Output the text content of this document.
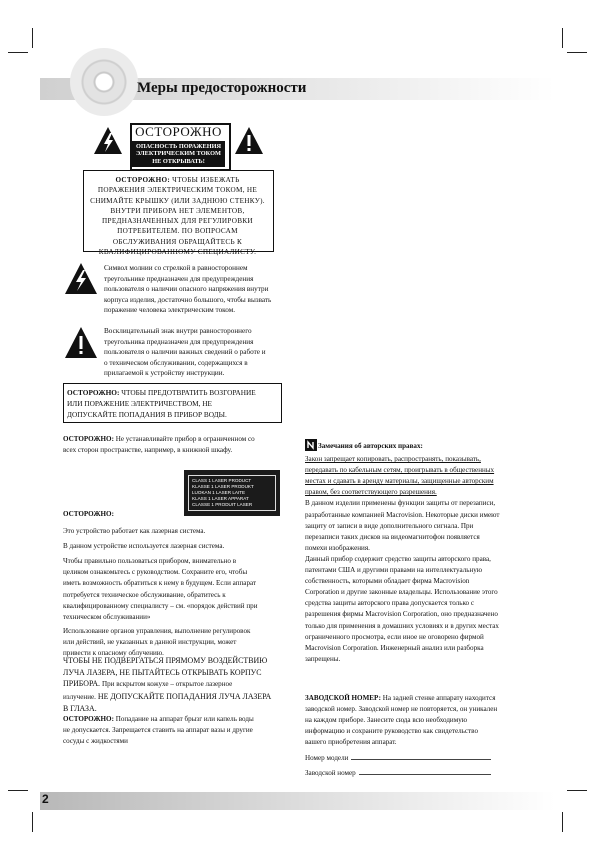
Меры предосторожности
ОСТОРОЖНО
ОПАСНОСТЬ ПОРАЖЕНИЯ
ЭЛЕКТРИЧЕСКИМ ТОКОМ
НЕ ОТКРЫВАТЬ!
ОСТОРОЖНО: ЧТОБЫ ИЗБЕЖАТЬ
ПОРАЖЕНИЯ ЭЛЕКТРИЧЕСКИМ ТОКОМ, НЕ
СНИМАЙТЕ КРЫШКУ (ИЛИ ЗАДНЮЮ СТЕНКУ).
ВНУТРИ ПРИБОРА НЕТ ЭЛЕМЕНТОВ,
ПРЕДНАЗНАЧЕННЫХ ДЛЯ РЕГУЛИРОВКИ
ПОТРЕБИТЕЛЕМ. ПО ВОПРОСАМ
ОБСЛУЖИВАНИЯ ОБРАЩАЙТЕСЬ К
КВАЛИФИЦИРОВАННОМУ СПЕЦИАЛИСТУ.
Символ молнии со стрелкой в равностороннем
треугольнике предназначен для предупреждения
пользователя о наличии опасного напряжения внутри
корпуса изделия, достаточно большого, чтобы вызвать
поражение человека электрическим током.
Восклицательный знак внутри равностороннего
треугольника предназначен для предупреждения
пользователя о наличии важных сведений о работе и
о техническом обслуживании, содержащихся в
прилагаемой к устройству инструкции.
ОСТОРОЖНО: ЧТОБЫ ПРЕДОТВРАТИТЬ ВОЗГОРАНИЕ
ИЛИ ПОРАЖЕНИЕ ЭЛЕКТРИЧЕСТВОМ, НЕ
ДОПУСКАЙТЕ ПОПАДАНИЯ В ПРИБОР ВОДЫ.
ОСТОРОЖНО: Не устанавливайте прибор в ограниченном со
всех сторон пространстве, например, в книжной шкафу.
CLASS 1 LASER PRODUCT
KLASSE 1 LASER PRODUKT
LUOKAN 1 LASER LAITE
KLASS 1 LASER APPARAT
CLASSE 1 PRODUIT LASER
ОСТОРОЖНО:
Это устройство работает как лазерная система.
В данном устройстве используется лазерная система.
Чтобы правильно пользоваться прибором, внимательно в
целиком ознакомьтесь с руководством. Сохраните его, чтобы
иметь возможность обратиться к нему в будущем. Если аппарат
потребуется техническое обслуживание, обратитесь к
квалифицированному специалисту – см. «порядок действий при
техническом обслуживании»
Использование органов управления, выполнение регулировок
или действий, не указанных в данной инструкции, может
привести к опасному облучению.
ЧТОБЫ НЕ ПОДВЕРГАТЬСЯ ПРЯМОМУ ВОЗДЕЙСТВИЮ
ЛУЧА ЛАЗЕРА, НЕ ПЫТАЙТЕСЬ ОТКРЫВАТЬ КОРПУС
ПРИБОРА. При вскрытом кожухе – открытое лазерное
излучение. НЕ ДОПУСКАЙТЕ ПОПАДАНИЯ ЛУЧА ЛАЗЕРА
В ГЛАЗА.
ОСТОРОЖНО: Попадание на аппарат брызг или капель воды
не допускается. Запрещается ставить на аппарат вазы и другие
сосуды с жидкостями
Замечания об авторских правах:
Закон запрещает копировать, распространять, показывать,
передавать по кабельным сетям, проигрывать в общественных
местах и сдавать в аренду материалы, защищенные авторским
правом, без соответствующего разрешения.
В данном изделии применены функции защиты от перезаписи,
разработанные компанией Macrovision. Некоторые диски имеют
защиту от записи в виде дополнительного сигнала. При
перезаписи таких дисков на видеомагнитофон появляется
помехи изображения.
Данный прибор содержит средство защиты авторского права,
патентами США и другими правами на интеллектуальную
собственность, которыми обладает фирма Macrovision
Corporation и другие законные владельцы. Использование этого
средства защиты авторского права допускается только с
разрешения фирмы Macrovision Corporation, оно предназначено
только для применения в домашних условиях и в других местах
ограниченного просмотра, если иное не оговорено фирмой
Macrovision Corporation. Инженерный анализ или разборка
запрещены.
ЗАВОДСКОЙ НОМЕР: На задней стенке аппарату находится
заводской номер. Заводской номер не повторяется, он уникален
на каждом приборе. Занесите сюда всю необходимую
информацию и сохраните руководство как свидетельство
вашего приобретения аппарат.
Номер модели
Заводской номер
2
